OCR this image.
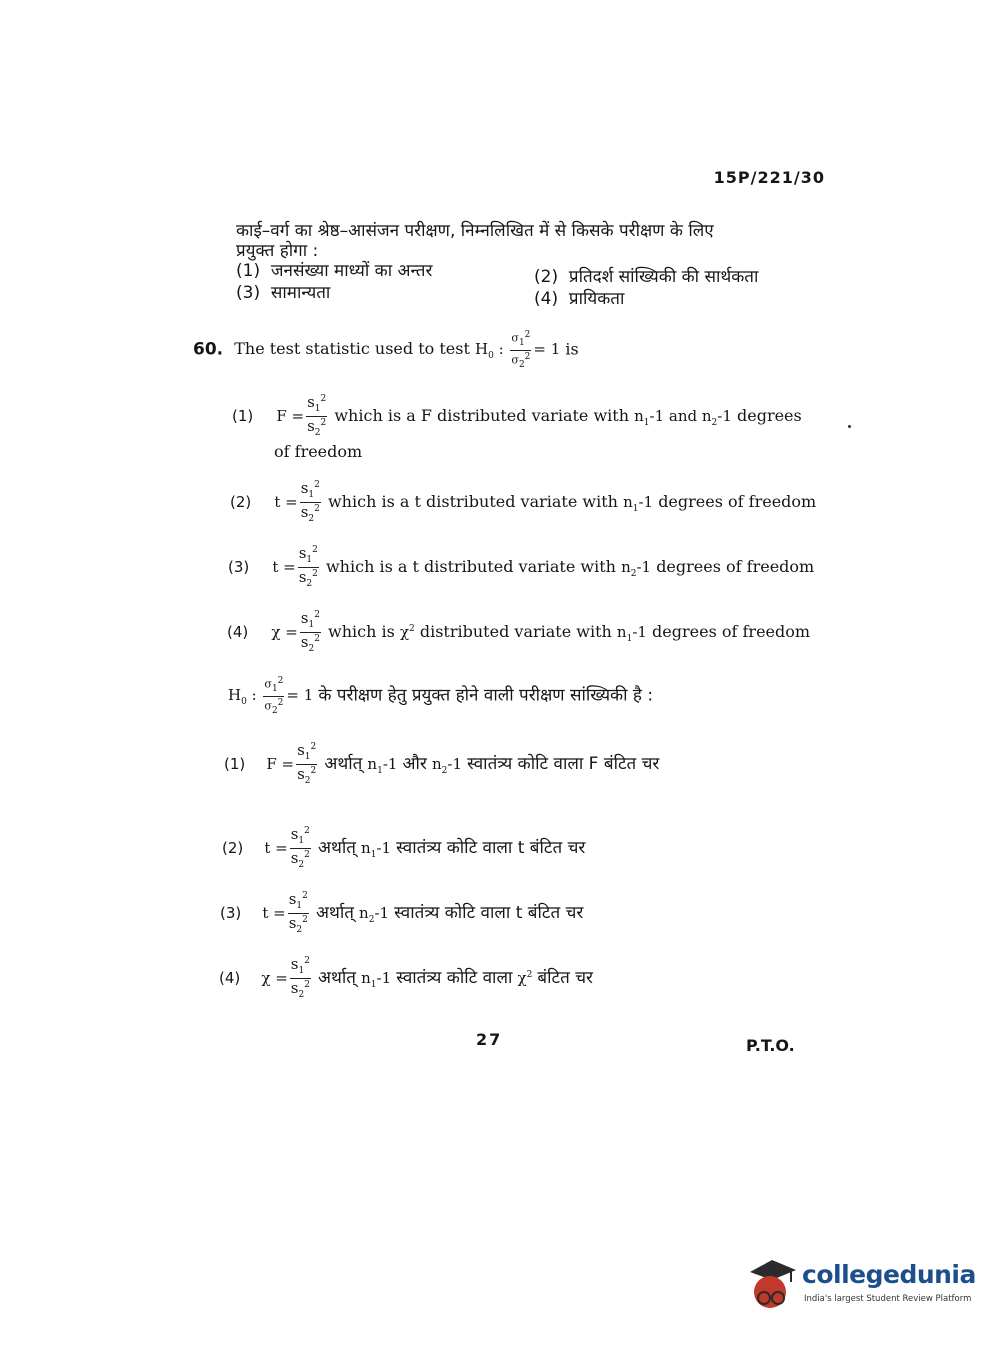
15P/221/30
काई–वर्ग का श्रेष्ठ–आसंजन परीक्षण, निम्नलिखित में से किसके परीक्षण के लिए
प्रयुक्त होगा :
(1) जनसंख्या माध्यों का अन्तर
(3) सामान्यता
(2) प्रतिदर्श सांख्यिकी की सार्थकता
(4) प्रायिकता
60. The test statistic used to test $H_0$ : $\frac{\sigma_1^2}{\sigma_2^2} = 1$ is
(1) $F = \frac{s_1^2}{s_2^2}$ which is a F distributed variate with $n_1-1$ and $n_2-1$ degrees
of freedom
(2) $t = \frac{s_1^2}{s_2^2}$ which is a t distributed variate with $n_1-1$ degrees of freedom
(3) $t = \frac{s_1^2}{s_2^2}$ which is a t distributed variate with $n_2-1$ degrees of freedom
(4) $\chi = \frac{s_1^2}{s_2^2}$ which is $\chi^2$ distributed variate with $n_1-1$ degrees of freedom
$H_0$ : $\frac{\sigma_1^2}{\sigma_2^2} = 1$ के परीक्षण हेतु प्रयुक्त होने वाली परीक्षण सांख्यिकी है :
(1) $F = \frac{s_1^2}{s_2^2}$ अर्थात् $n_1-1$ और $n_2-1$ स्वातंत्र्य कोटि वाला F बंटित चर
(2) $t = \frac{s_1^2}{s_2^2}$ अर्थात् $n_1-1$ स्वातंत्र्य कोटि वाला t बंटित चर
(3) $t = \frac{s_1^2}{s_2^2}$ अर्थात् $n_2-1$ स्वातंत्र्य कोटि वाला t बंटित चर
(4) $\chi = \frac{s_1^2}{s_2^2}$ अर्थात् $n_1-1$ स्वातंत्र्य कोटि वाला $\chi^2$ बंटित चर
27	P.T.O.
collegedunia
India's largest Student Review Platform
